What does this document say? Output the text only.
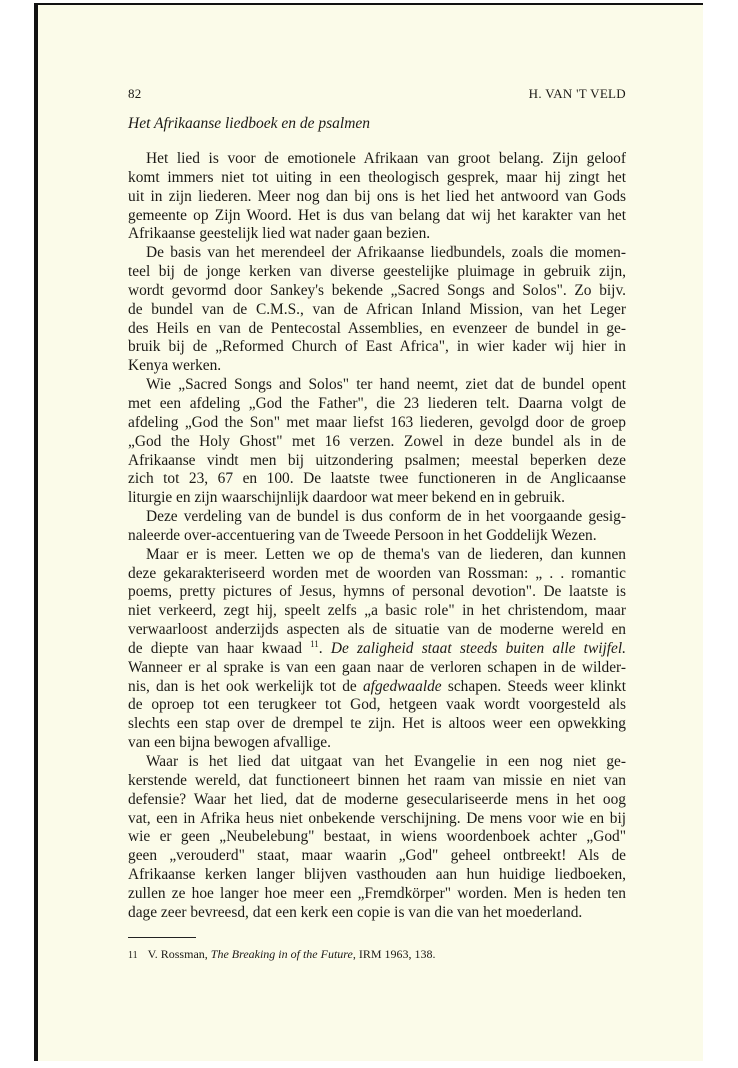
82	H. VAN 'T VELD
Het Afrikaanse liedboek en de psalmen
Het lied is voor de emotionele Afrikaan van groot belang. Zijn geloof
komt immers niet tot uiting in een theologisch gesprek, maar hij zingt het
uit in zijn liederen. Meer nog dan bij ons is het lied het antwoord van Gods
gemeente op Zijn Woord. Het is dus van belang dat wij het karakter van het
Afrikaanse geestelijk lied wat nader gaan bezien.
De basis van het merendeel der Afrikaanse liedbundels, zoals die momen-
teel bij de jonge kerken van diverse geestelijke pluimage in gebruik zijn,
wordt gevormd door Sankey's bekende „Sacred Songs and Solos". Zo bijv.
de bundel van de C.M.S., van de African Inland Mission, van het Leger
des Heils en van de Pentecostal Assemblies, en evenzeer de bundel in ge-
bruik bij de „Reformed Church of East Africa", in wier kader wij hier in
Kenya werken.
Wie „Sacred Songs and Solos" ter hand neemt, ziet dat de bundel opent
met een afdeling „God the Father", die 23 liederen telt. Daarna volgt de
afdeling „God the Son" met maar liefst 163 liederen, gevolgd door de groep
„God the Holy Ghost" met 16 verzen. Zowel in deze bundel als in de
Afrikaanse vindt men bij uitzondering psalmen; meestal beperken deze
zich tot 23, 67 en 100. De laatste twee functioneren in de Anglicaanse
liturgie en zijn waarschijnlijk daardoor wat meer bekend en in gebruik.
Deze verdeling van de bundel is dus conform de in het voorgaande gesig-
naleerde over-accentuering van de Tweede Persoon in het Goddelijk Wezen.
Maar er is meer. Letten we op de thema's van de liederen, dan kunnen
deze gekarakteriseerd worden met de woorden van Rossman: „ . . romantic
poems, pretty pictures of Jesus, hymns of personal devotion". De laatste is
niet verkeerd, zegt hij, speelt zelfs „a basic role" in het christendom, maar
verwaarloost anderzijds aspecten als de situatie van de moderne wereld en
de diepte van haar kwaad $^{11}$. De zaligheid staat steeds buiten alle twijfel.
Wanneer er al sprake is van een gaan naar de verloren schapen in de wilder-
nis, dan is het ook werkelijk tot de afgedwaalde schapen. Steeds weer klinkt
de oproep tot een terugkeer tot God, hetgeen vaak wordt voorgesteld als
slechts een stap over de drempel te zijn. Het is altoos weer een opwekking
van een bijna bewogen afvallige.
Waar is het lied dat uitgaat van het Evangelie in een nog niet ge-
kerstende wereld, dat functioneert binnen het raam van missie en niet van
defensie? Waar het lied, dat de moderne geseculariseerde mens in het oog
vat, een in Afrika heus niet onbekende verschijning. De mens voor wie en bij
wie er geen „Neubelebung" bestaat, in wiens woordenboek achter „God"
geen „verouderd" staat, maar waarin „God" geheel ontbreekt! Als de
Afrikaanse kerken langer blijven vasthouden aan hun huidige liedboeken,
zullen ze hoe langer hoe meer een „Fremdkörper" worden. Men is heden ten
dage zeer bevreesd, dat een kerk een copie is van die van het moederland.
11 V. Rossman, The Breaking in of the Future, IRM 1963, 138.
